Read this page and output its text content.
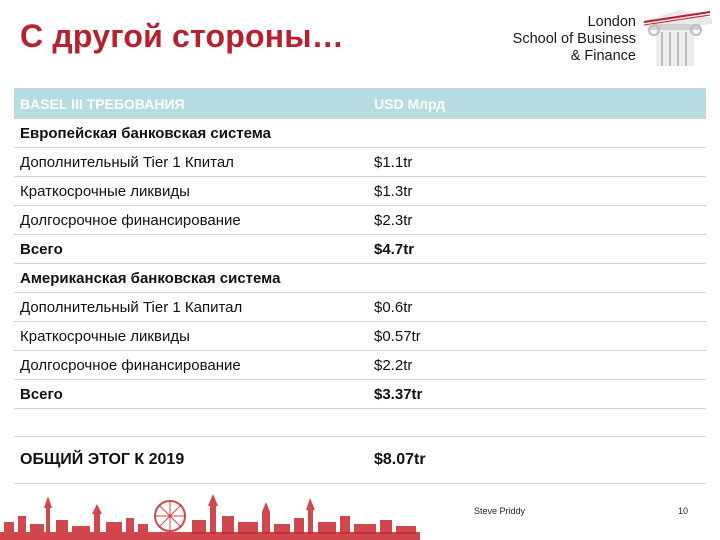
С другой стороны…	London
School of Business
& Finance
BASEL III ТРЕБОВАНИЯ	USD Млрд
Европейская банковская система	
Дополнительный Tier 1 Кпитал	$1.1tr
Краткосрочные ликвиды	$1.3tr
Долгосрочное финансирование	$2.3tr
Всего	$4.7tr
Американская банковская система	
Дополнительный Tier 1 Капитал	$0.6tr
Краткосрочные ликвиды	$0.57tr
Долгосрочное финансирование	$2.2tr
Всего	$3.37tr

ОБЩИЙ ЭТОГ К 2019	$8.07tr
Steve Priddy	10
